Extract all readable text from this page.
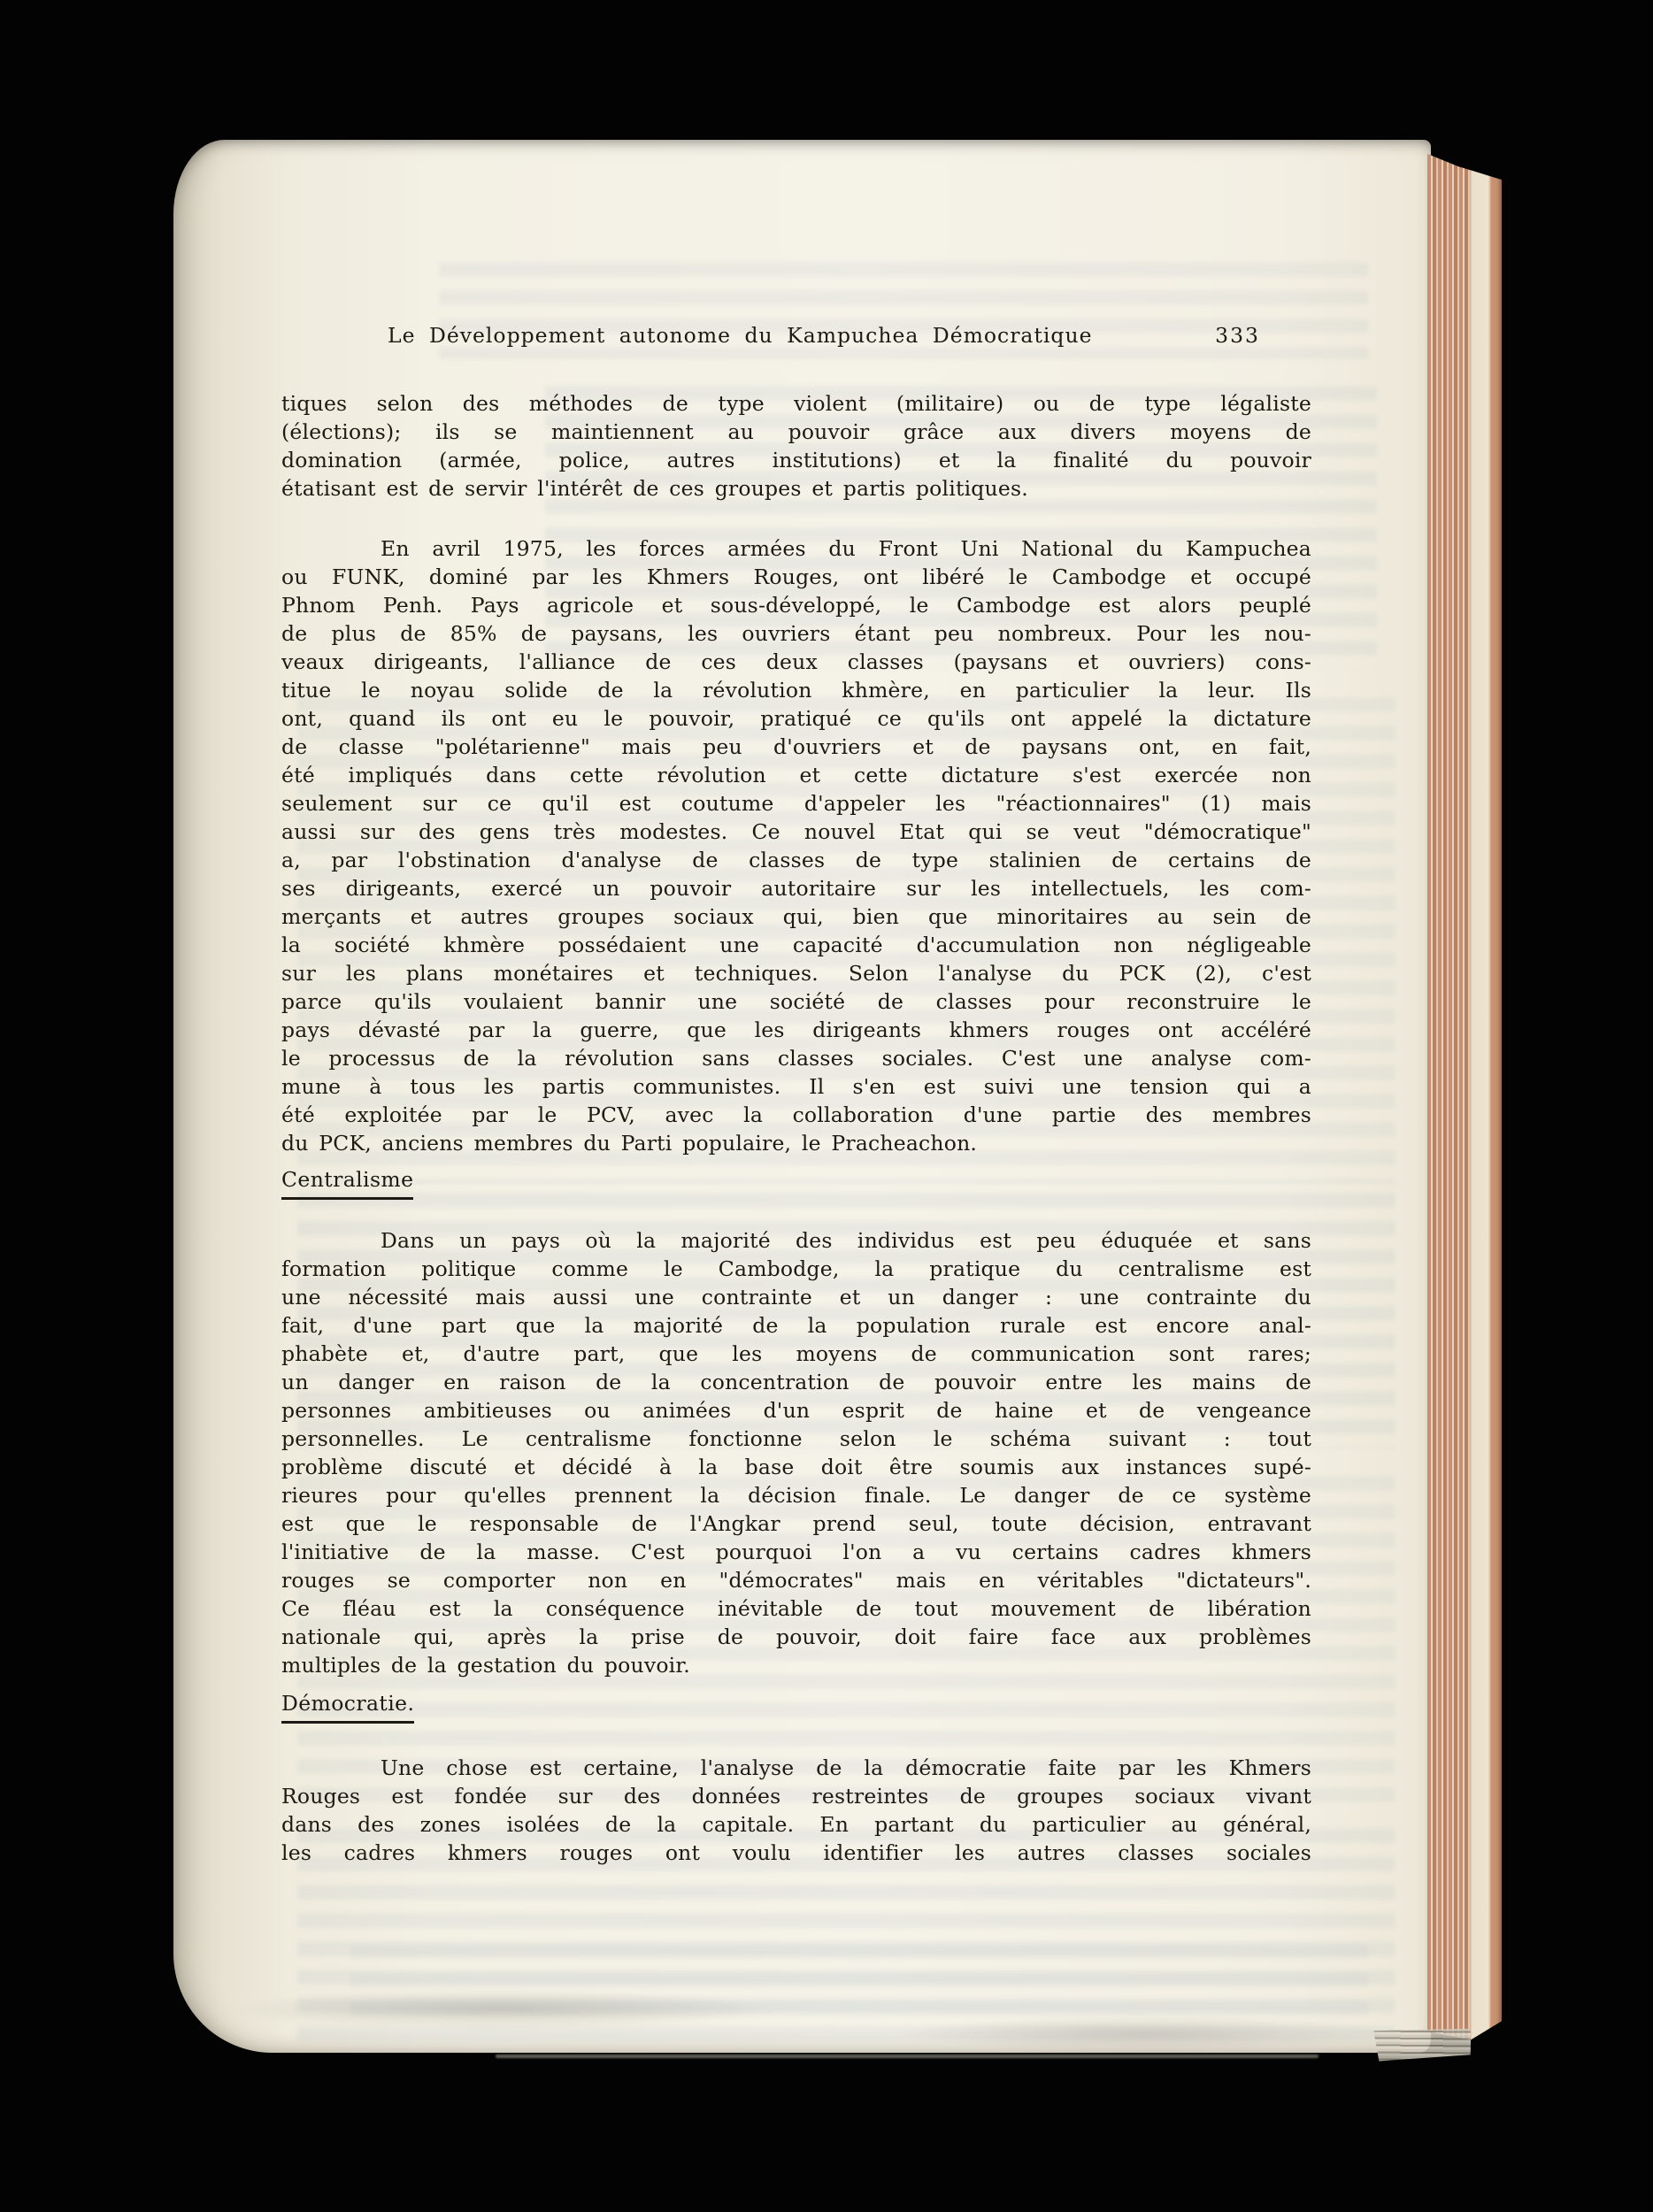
Le Développement autonome du Kampuchea Démocratique	333
tiques selon des méthodes de type violent (militaire) ou de type légaliste
(élections); ils se maintiennent au pouvoir grâce aux divers moyens de
domination (armée, police, autres institutions) et la finalité du pouvoir
étatisant est de servir l'intérêt de ces groupes et partis politiques.
En avril 1975, les forces armées du Front Uni National du Kampuchea
ou FUNK, dominé par les Khmers Rouges, ont libéré le Cambodge et occupé
Phnom Penh. Pays agricole et sous-développé, le Cambodge est alors peuplé
de plus de 85% de paysans, les ouvriers étant peu nombreux. Pour les nou-
veaux dirigeants, l'alliance de ces deux classes (paysans et ouvriers) cons-
titue le noyau solide de la révolution khmère, en particulier la leur. Ils
ont, quand ils ont eu le pouvoir, pratiqué ce qu'ils ont appelé la dictature
de classe "polétarienne" mais peu d'ouvriers et de paysans ont, en fait,
été impliqués dans cette révolution et cette dictature s'est exercée non
seulement sur ce qu'il est coutume d'appeler les "réactionnaires" (1) mais
aussi sur des gens très modestes. Ce nouvel Etat qui se veut "démocratique"
a, par l'obstination d'analyse de classes de type stalinien de certains de
ses dirigeants, exercé un pouvoir autoritaire sur les intellectuels, les com-
merçants et autres groupes sociaux qui, bien que minoritaires au sein de
la société khmère possédaient une capacité d'accumulation non négligeable
sur les plans monétaires et techniques. Selon l'analyse du PCK (2), c'est
parce qu'ils voulaient bannir une société de classes pour reconstruire le
pays dévasté par la guerre, que les dirigeants khmers rouges ont accéléré
le processus de la révolution sans classes sociales. C'est une analyse com-
mune à tous les partis communistes. Il s'en est suivi une tension qui a
été exploitée par le PCV, avec la collaboration d'une partie des membres
du PCK, anciens membres du Parti populaire, le Pracheachon.
Centralisme
Dans un pays où la majorité des individus est peu éduquée et sans
formation politique comme le Cambodge, la pratique du centralisme est
une nécessité mais aussi une contrainte et un danger : une contrainte du
fait, d'une part que la majorité de la population rurale est encore anal-
phabète et, d'autre part, que les moyens de communication sont rares;
un danger en raison de la concentration de pouvoir entre les mains de
personnes ambitieuses ou animées d'un esprit de haine et de vengeance
personnelles. Le centralisme fonctionne selon le schéma suivant : tout
problème discuté et décidé à la base doit être soumis aux instances supé-
rieures pour qu'elles prennent la décision finale. Le danger de ce système
est que le responsable de l'Angkar prend seul, toute décision, entravant
l'initiative de la masse. C'est pourquoi l'on a vu certains cadres khmers
rouges se comporter non en "démocrates" mais en véritables "dictateurs".
Ce fléau est la conséquence inévitable de tout mouvement de libération
nationale qui, après la prise de pouvoir, doit faire face aux problèmes
multiples de la gestation du pouvoir.
Démocratie.
Une chose est certaine, l'analyse de la démocratie faite par les Khmers
Rouges est fondée sur des données restreintes de groupes sociaux vivant
dans des zones isolées de la capitale. En partant du particulier au général,
les cadres khmers rouges ont voulu identifier les autres classes sociales
